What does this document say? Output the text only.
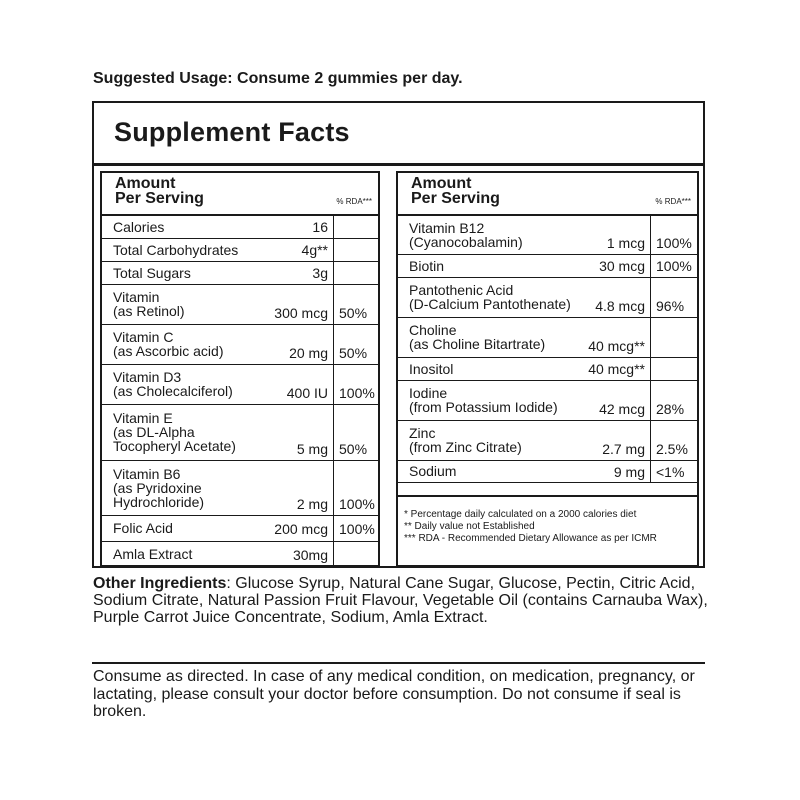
Suggested Usage: Consume 2 gummies per day.
Supplement Facts
Amount
Per Serving	% RDA***
Calories	16
Total Carbohydrates	4g**
Total Sugars	3g
Vitamin
(as Retinol)	300 mcg 50%
Vitamin C
(as Ascorbic acid)	20 mg 50%
Vitamin D3
(as Cholecalciferol)	400 IU 100%
Vitamin E
(as DL-Alpha
Tocopheryl Acetate)	5 mg 50%
Vitamin B6
(as Pyridoxine
Hydrochloride)	2 mg 100%
Folic Acid	200 mcg 100%
Amla Extract	30mg
Amount
Per Serving	% RDA***
Vitamin B12
(Cyanocobalamin)	1 mcg 100%
Biotin	30 mcg 100%
Pantothenic Acid
(D-Calcium Pantothenate)	4.8 mcg 96%
Choline
(as Choline Bitartrate)	40 mcg**
Inositol	40 mcg**
Iodine
(from Potassium Iodide)	42 mcg 28%
Zinc
(from Zinc Citrate)	2.7 mg 2.5%
Sodium	9 mg <1%
* Percentage daily calculated on a 2000 calories diet
** Daily value not Established
*** RDA - Recommended Dietary Allowance as per ICMR
Other Ingredients: Glucose Syrup, Natural Cane Sugar, Glucose, Pectin, Citric Acid, Sodium Citrate, Natural Passion Fruit Flavour, Vegetable Oil (contains Carnauba Wax), Purple Carrot Juice Concentrate, Sodium, Amla Extract.
Consume as directed. In case of any medical condition, on medication, pregnancy, or lactating, please consult your doctor before consumption. Do not consume if seal is broken.
